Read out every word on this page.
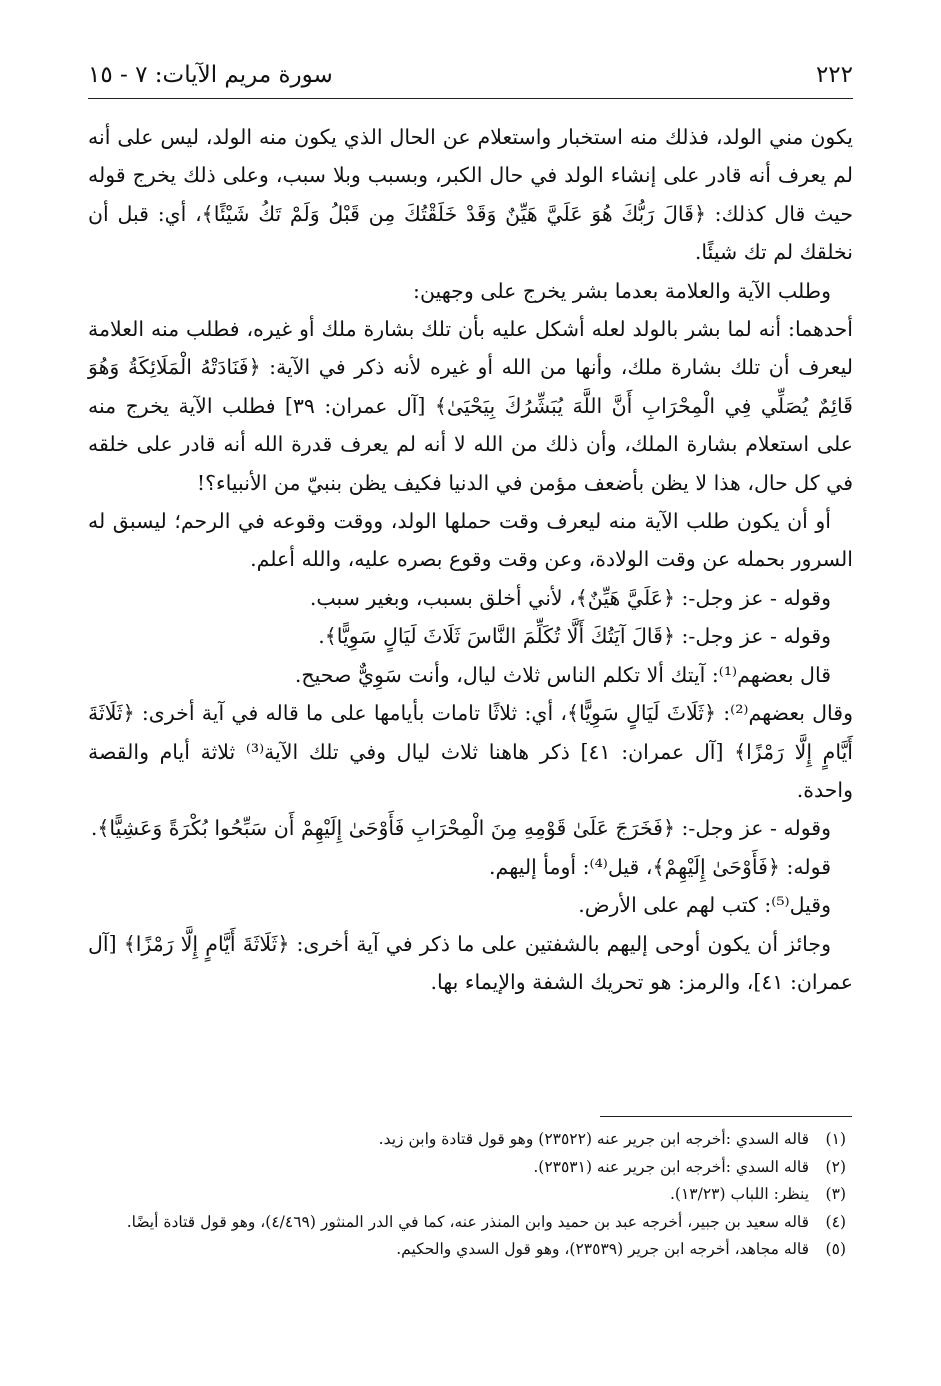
٢٢٢
سورة مريم الآيات: ٧ - ١٥

يكون مني الولد، فذلك منه استخبار واستعلام عن الحال الذي يكون منه الولد، ليس على أنه لم يعرف أنه قادر على إنشاء الولد في حال الكبر، وبسبب وبلا سبب، وعلى ذلك يخرج قوله حيث قال كذلك: ﴿قَالَ رَبُّكَ هُوَ عَلَيَّ هَيِّنٌ وَقَدْ خَلَقْتُكَ مِن قَبْلُ وَلَمْ تَكُ شَيْئًا﴾، أي: قبل أن نخلقك لم تك شيئًا.

وطلب الآية والعلامة بعدما بشر يخرج على وجهين:

أحدهما: أنه لما بشر بالولد لعله أشكل عليه بأن تلك بشارة ملك أو غيره، فطلب منه العلامة ليعرف أن تلك بشارة ملك، وأنها من الله أو غيره لأنه ذكر في الآية: ﴿فَنَادَتْهُ الْمَلَائِكَةُ وَهُوَ قَائِمٌ يُصَلِّي فِي الْمِحْرَابِ أَنَّ اللَّهَ يُبَشِّرُكَ بِيَحْيَىٰ﴾ [آل عمران: ٣٩] فطلب الآية يخرج منه على استعلام بشارة الملك، وأن ذلك من الله لا أنه لم يعرف قدرة الله أنه قادر على خلقه في كل حال، هذا لا يظن بأضعف مؤمن في الدنيا فكيف يظن بنبيّ من الأنبياء؟!

أو أن يكون طلب الآية منه ليعرف وقت حملها الولد، ووقت وقوعه في الرحم؛ ليسبق له السرور بحمله عن وقت الولادة، وعن وقت وقوع بصره عليه، والله أعلم.

وقوله - عز وجل-: ﴿عَلَيَّ هَيِّنٌ﴾، لأني أخلق بسبب، وبغير سبب.

وقوله - عز وجل-: ﴿قَالَ آيَتُكَ أَلَّا تُكَلِّمَ النَّاسَ ثَلَاثَ لَيَالٍ سَوِيًّا﴾.

قال بعضهم⁽¹⁾: آيتك ألا تكلم الناس ثلاث ليال، وأنت سَوِيٌّ صحيح.

وقال بعضهم⁽²⁾: ﴿ثَلَاثَ لَيَالٍ سَوِيًّا﴾، أي: ثلاثًا تامات بأيامها على ما قاله في آية أخرى: ﴿ثَلَاثَةَ أَيَّامٍ إِلَّا رَمْزًا﴾ [آل عمران: ٤١] ذكر هاهنا ثلاث ليال وفي تلك الآية⁽³⁾ ثلاثة أيام والقصة واحدة.

وقوله - عز وجل-: ﴿فَخَرَجَ عَلَىٰ قَوْمِهِ مِنَ الْمِحْرَابِ فَأَوْحَىٰ إِلَيْهِمْ أَن سَبِّحُوا بُكْرَةً وَعَشِيًّا﴾.

قوله: ﴿فَأَوْحَىٰ إِلَيْهِمْ﴾، قيل⁽⁴⁾: أومأ إليهم.

وقيل⁽⁵⁾: كتب لهم على الأرض.

وجائز أن يكون أوحى إليهم بالشفتين على ما ذكر في آية أخرى: ﴿ثَلَاثَةَ أَيَّامٍ إِلَّا رَمْزًا﴾ [آل عمران: ٤١]، والرمز: هو تحريك الشفة والإيماء بها.

(١) قاله السدي :أخرجه ابن جرير عنه (٢٣٥٢٢) وهو قول قتادة وابن زيد.

(٢) قاله السدي :أخرجه ابن جرير عنه (٢٣٥٣١).

(٣) ينظر: اللباب (١٣/٢٣).

(٤) قاله سعيد بن جبير، أخرجه عبد بن حميد وابن المنذر عنه، كما في الدر المنثور (٤/٤٦٩)، وهو قول قتادة أيضًا.

(٥) قاله مجاهد، أخرجه ابن جرير (٢٣٥٣٩)، وهو قول السدي والحكيم.
